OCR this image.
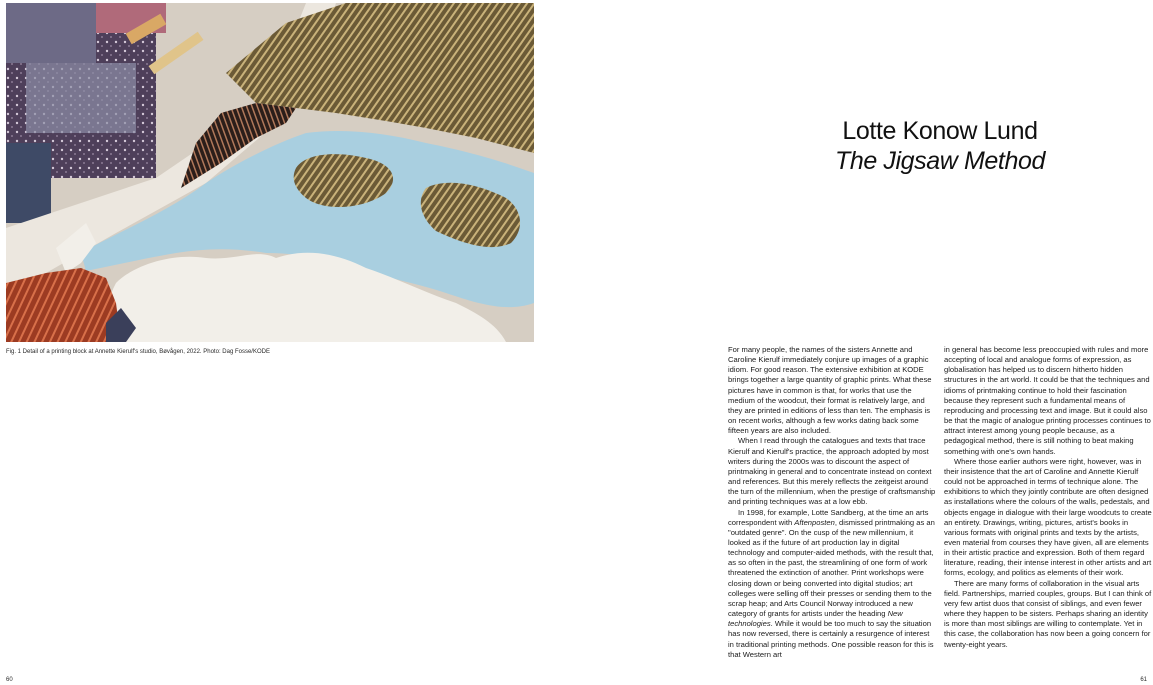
Fig. 1 Detail of a printing block at Annette Kierulf's studio, Bøvågen, 2022. Photo: Dag Fosse/KODE
60
Lotte Konow Lund
The Jigsaw Method

For many people, the names of the sisters Annette and Caroline Kierulf immediately conjure up images of a graphic idiom. For good reason. The extensive exhibition at KODE brings together a large quantity of graphic prints. What these pictures have in common is that, for works that use the medium of the woodcut, their format is relatively large, and they are printed in editions of less than ten. The emphasis is on recent works, although a few works dating back some fifteen years are also included.

When I read through the catalogues and texts that trace Kierulf and Kierulf's practice, the approach adopted by most writers during the 2000s was to discount the aspect of printmaking in general and to concentrate instead on context and references. But this merely reflects the zeitgeist around the turn of the millennium, when the prestige of craftsmanship and printing techniques was at a low ebb.

In 1998, for example, Lotte Sandberg, at the time an arts correspondent with Aftenposten, dismissed printmaking as an "outdated genre". On the cusp of the new millennium, it looked as if the future of art production lay in digital technology and computer-aided methods, with the result that, as so often in the past, the streamlining of one form of work threatened the extinction of another. Print workshops were closing down or being converted into digital studios; art colleges were selling off their presses or sending them to the scrap heap; and Arts Council Norway introduced a new category of grants for artists under the heading New technologies. While it would be too much to say the situation has now reversed, there is certainly a resurgence of interest in traditional printing methods. One possible reason for this is that Western art

in general has become less preoccupied with rules and more accepting of local and analogue forms of expression, as globalisation has helped us to discern hitherto hidden structures in the art world. It could be that the techniques and idioms of printmaking continue to hold their fascination because they represent such a fundamental means of reproducing and processing text and image. But it could also be that the magic of analogue printing processes continues to attract interest among young people because, as a pedagogical method, there is still nothing to beat making something with one's own hands.

Where those earlier authors were right, however, was in their insistence that the art of Caroline and Annette Kierulf could not be approached in terms of technique alone. The exhibitions to which they jointly contribute are often designed as installations where the colours of the walls, pedestals, and objects engage in dialogue with their large woodcuts to create an entirety. Drawings, writing, pictures, artist's books in various formats with original prints and texts by the artists, even material from courses they have given, all are elements in their artistic practice and expression. Both of them regard literature, reading, their intense interest in other artists and art forms, ecology, and politics as elements of their work.

There are many forms of collaboration in the visual arts field. Partnerships, married couples, groups. But I can think of very few artist duos that consist of siblings, and even fewer where they happen to be sisters. Perhaps sharing an identity is more than most siblings are willing to contemplate. Yet in this case, the collaboration has now been a going concern for twenty-eight years.

61
